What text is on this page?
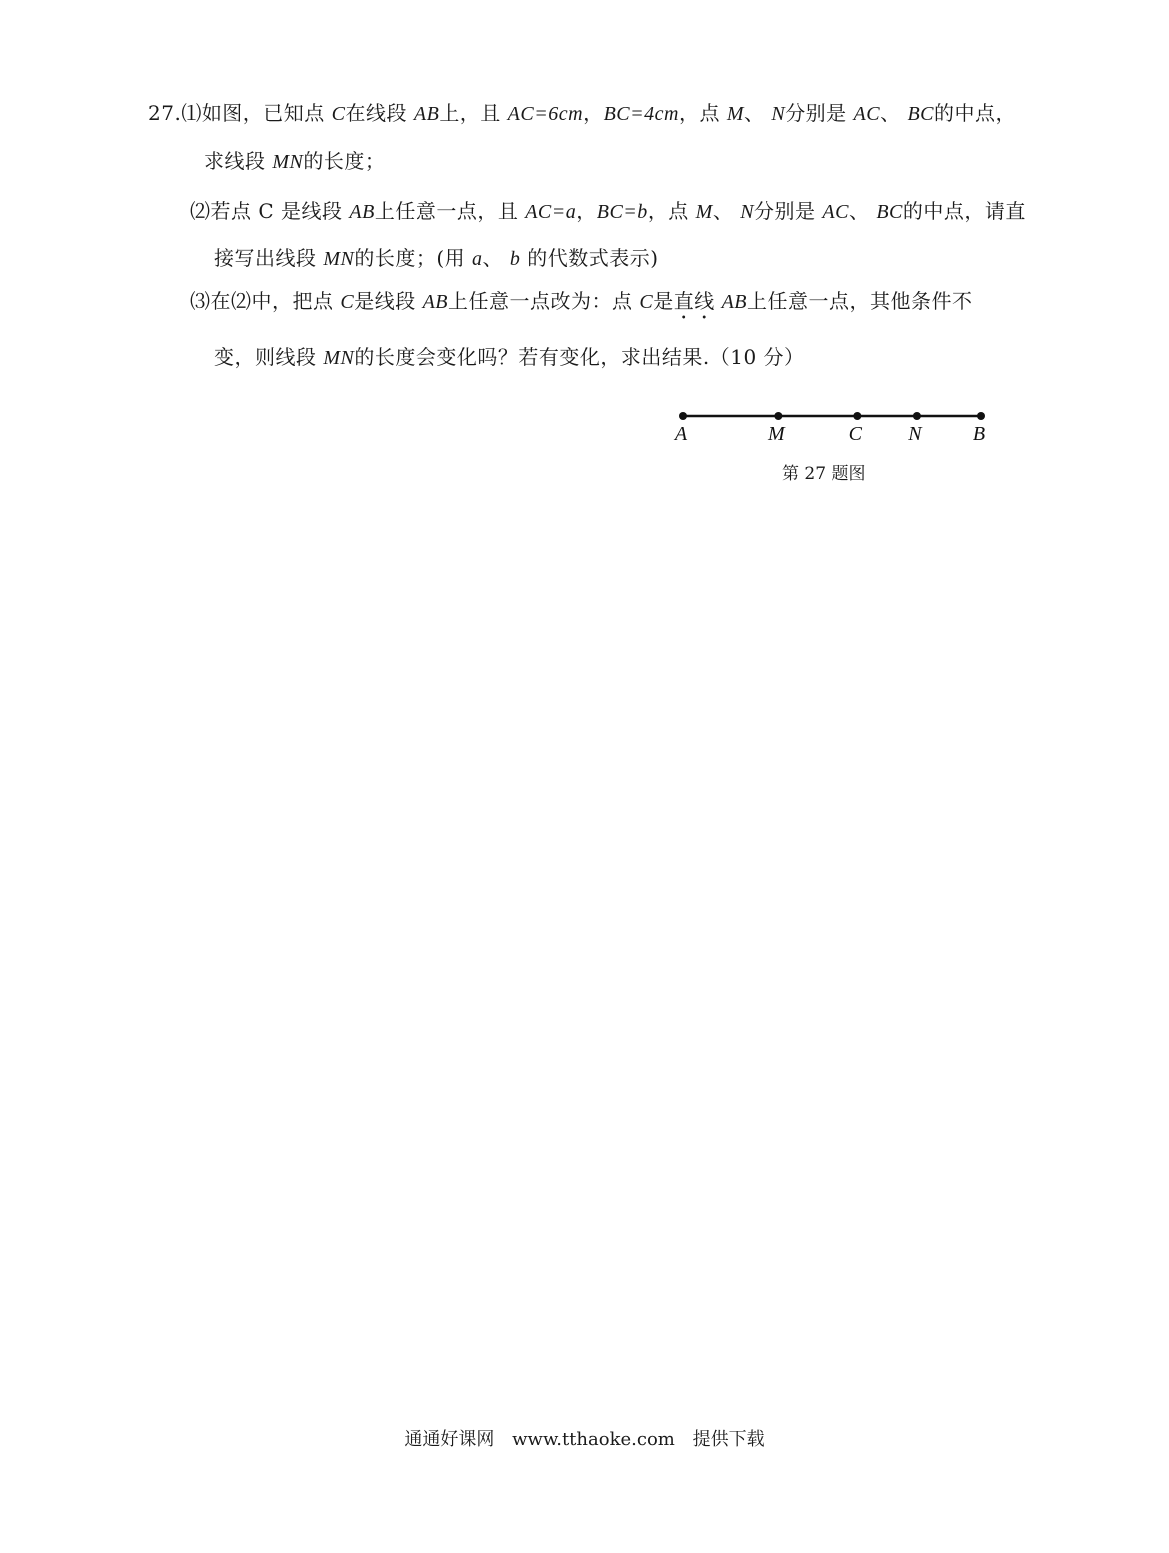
27.⑴如图，已知点 C在线段 AB上，且 AC=6cm，BC=4cm，点 M、 N分别是 AC、 BC的中点，
求线段 MN的长度；
⑵若点 C 是线段 AB上任意一点，且 AC=a，BC=b，点 M、 N分别是 AC、 BC的中点，请直
接写出线段 MN的长度；(用 a、 b 的代数式表示)
⑶在⑵中，把点 C是线段 AB上任意一点改为：点 C是直线 AB上任意一点，其他条件不
变，则线段 MN的长度会变化吗？若有变化，求出结果.（10 分）
A	M	C N	B
第 27 题图
通通好课网 www.tthaoke.com 提供下载
